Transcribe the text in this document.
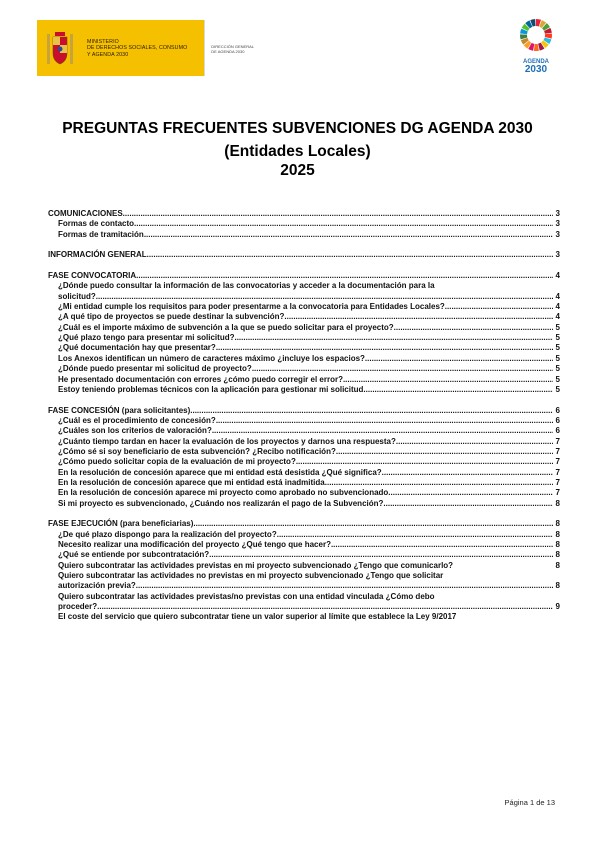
MINISTERIO
DE DERECHOS SOCIALES, CONSUMO
Y AGENDA 2030
DIRECCIÓN GENERAL
DE AGENDA 2030
AGENDA
2030
PREGUNTAS FRECUENTES SUBVENCIONES DG AGENDA 2030
(Entidades Locales)
2025
COMUNICACIONES .....	3
Formas de contacto .....	3
Formas de tramitación .....	3
INFORMACIÓN GENERAL .....	3
FASE CONVOCATORIA .....	4
¿Dónde puedo consultar la información de las convocatorias y acceder a la documentación para la
solicitud? .....	4
¿Mi entidad cumple los requisitos para poder presentarme a la convocatoria para Entidades Locales? .....	4
¿A qué tipo de proyectos se puede destinar la subvención? .....	4
¿Cuál es el importe máximo de subvención a la que se puedo solicitar para el proyecto? .....	5
¿Qué plazo tengo para presentar mi solicitud? .....	5
¿Qué documentación hay que presentar? .....	5
Los Anexos identifican un número de caracteres máximo ¿incluye los espacios? .....	5
¿Dónde puedo presentar mi solicitud de proyecto? .....	5
He presentado documentación con errores ¿cómo puedo corregir el error? .....	5
Estoy teniendo problemas técnicos con la aplicación para gestionar mi solicitud .....	5
FASE CONCESIÓN (para solicitantes) .....	6
¿Cuál es el procedimiento de concesión? .....	6
¿Cuáles son los criterios de valoración? .....	6
¿Cuánto tiempo tardan en hacer la evaluación de los proyectos y darnos una respuesta? .....	7
¿Cómo sé si soy beneficiario de esta subvención? ¿Recibo notificación? .....	7
¿Cómo puedo solicitar copia de la evaluación de mi proyecto? .....	7
En la resolución de concesión aparece que mi entidad está desistida ¿Qué significa? .....	7
En la resolución de concesión aparece que mi entidad está inadmitida. .....	7
En la resolución de concesión aparece mi proyecto como aprobado no subvencionado .....	7
Si mi proyecto es subvencionado, ¿Cuándo nos realizarán el pago de la Subvención? .....	8
FASE EJECUCIÓN (para beneficiarias) .....	8
¿De qué plazo dispongo para la realización del proyecto? .....	8
Necesito realizar una modificación del proyecto ¿Qué tengo que hacer? .....	8
¿Qué se entiende por subcontratación? .....	8
Quiero subcontratar las actividades previstas en mi proyecto subvencionado ¿Tengo que comunicarlo?	8
Quiero subcontratar las actividades no previstas en mi proyecto subvencionado ¿Tengo que solicitar
autorización previa? .....	8
Quiero subcontratar las actividades previstas/no previstas con una entidad vinculada ¿Cómo debo
proceder? .....	9
El coste del servicio que quiero subcontratar tiene un valor superior al límite que establece la Ley 9/2017
Página 1 de 13
